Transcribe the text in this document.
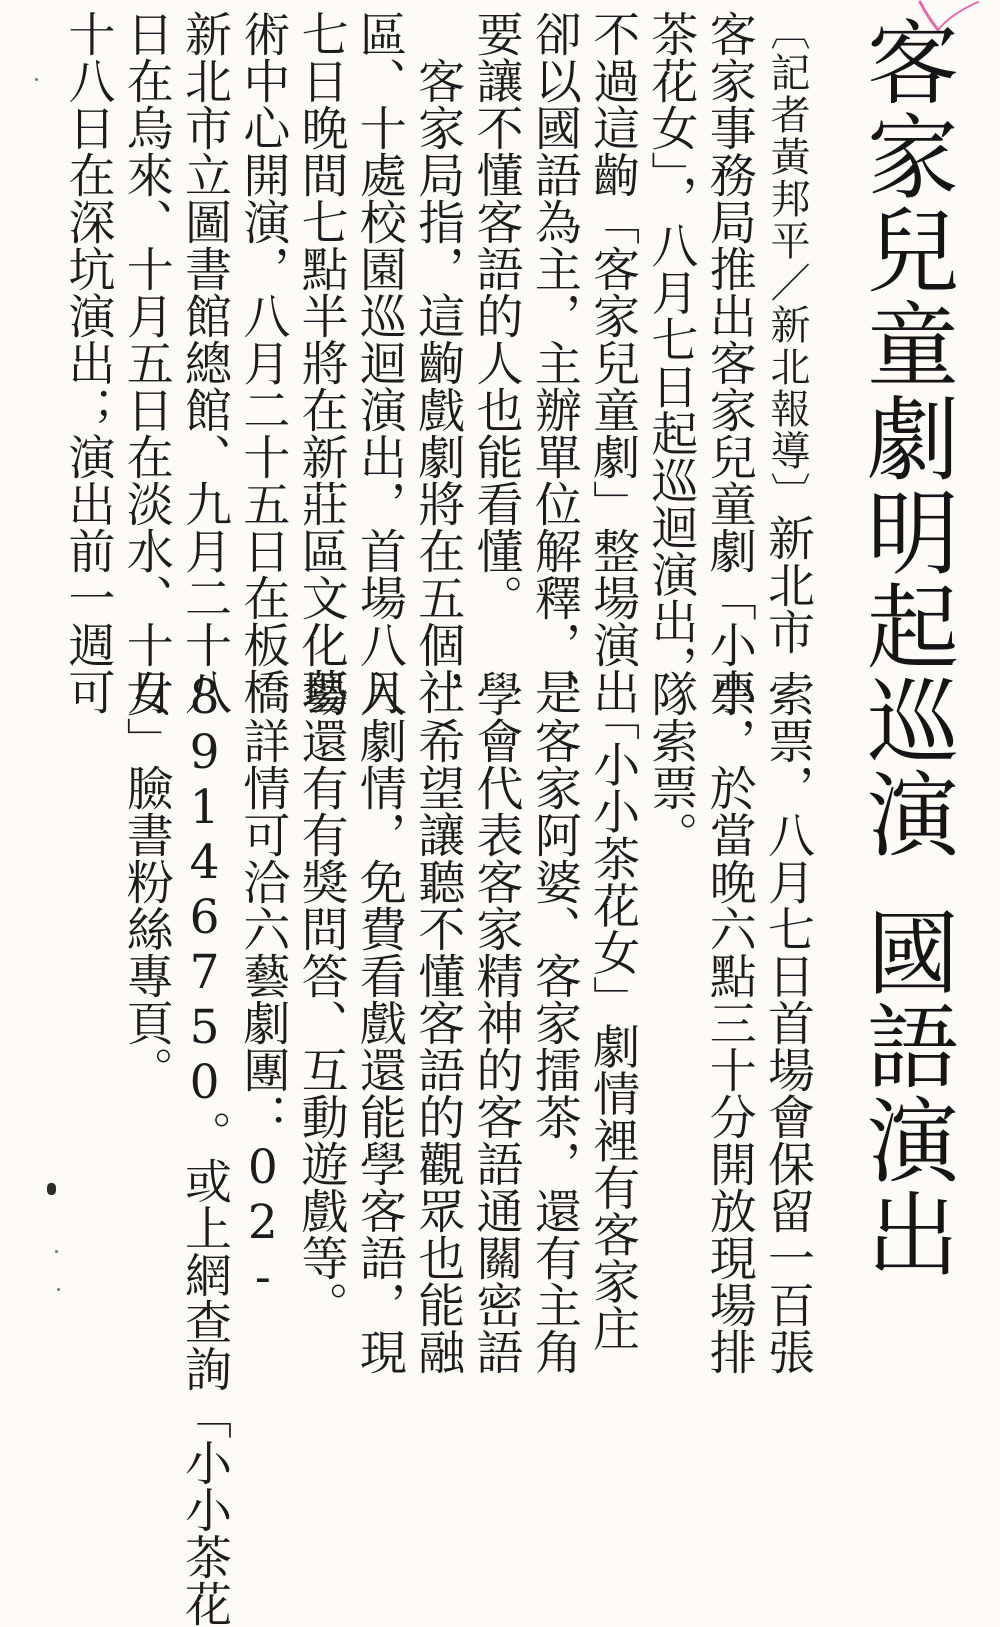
客家兒童劇明起巡演國語演出
︹記者黃邦平／新北報導︺新北市
客家事務局推出客家兒童劇「小小
茶花女」，八月七日起巡迴演出，
不過這齣「客家兒童劇」整場演出
卻以國語為主，主辦單位解釋，是
要讓不懂客語的人也能看懂。
　客家局指，這齣戲劇將在五個社
區、十處校園巡迴演出，首場八月
七日晚間七點半將在新莊區文化藝
術中心開演，八月二十五日在板橋
新北市立圖書館總館、九月二十八
日在烏來、十月五日在淡水、十月
十八日在深坑演出；演出前一週可
索票，八月七日首場會保留一百張
票，於當晚六點三十分開放現場排
隊索票。
　「小小茶花女」劇情裡有客家庄
、客家阿婆、客家擂茶，還有主角
學會代表客家精神的客語通關密語
，希望讓聽不懂客語的觀眾也能融
入劇情，免費看戲還能學客語，現
場還有有獎問答、互動遊戲等。
　詳情可洽六藝劇團：02-
89146750。或上網查詢「小小茶花
女」臉書粉絲專頁。
